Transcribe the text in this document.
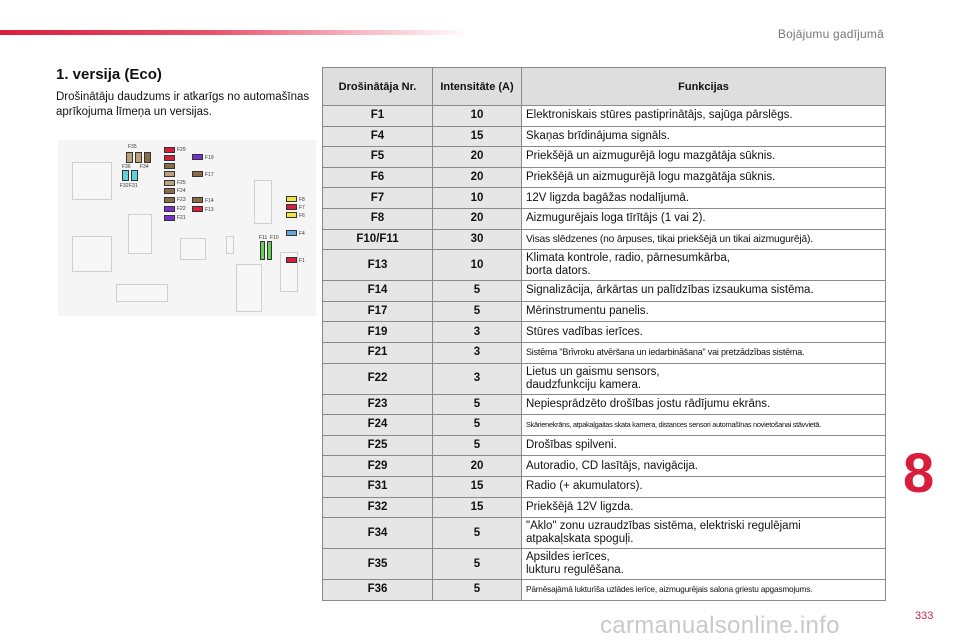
Bojājumu gadījumā
1. versija (Eco)
Drošinātāju daudzums ir atkarīgs no automašīnas aprīkojuma līmeņa un versijas.
F35
F36 F34
F32 F31
F29
F19
F17
F25
F24
F23	F14
F22	F13
F21
F8
F7
F6
F4
F1
F11 F10
Drošinātāja Nr.	Intensitāte (A)	Funkcijas
F1	10	Elektroniskais stūres pastiprinātājs, sajūga pārslēgs.
F4	15	Skaņas brīdinājuma signāls.
F5	20	Priekšējā un aizmugurējā logu mazgātāja sūknis.
F6	20	Priekšējā un aizmugurējā logu mazgātāja sūknis.
F7	10	12V ligzda bagāžas nodalījumā.
F8	20	Aizmugurējais loga tīrītājs (1 vai 2).
F10/F11	30	Visas slēdzenes (no ārpuses, tikai priekšējā un tikai aizmugurējā).
F13	10	Klimata kontrole, radio, pārnesumkārba,
borta dators.
F14	5	Signalizācija, ārkārtas un palīdzības izsaukuma sistēma.
F17	5	Mērinstrumentu panelis.
F19	3	Stūres vadības ierīces.
F21	3	Sistēma "Brīvroku atvēršana un iedarbināšana" vai pretzādzības sistēma.
F22	3	Lietus un gaismu sensors,
daudzfunkciju kamera.
F23	5	Nepiesprādzēto drošības jostu rādījumu ekrāns.
F24	5	Skārienekrāns, atpakaļgaitas skata kamera, distances sensori automašīnas novietošanai stāvvietā.
F25	5	Drošības spilveni.
F29	20	Autoradio, CD lasītājs, navigācija.
F31	15	Radio (+ akumulators).
F32	15	Priekšējā 12V ligzda.
F34	5	"Aklo" zonu uzraudzības sistēma, elektriski regulējami
atpakaļskata spoguļi.
F35	5	Apsildes ierīces,
lukturu regulēšana.
F36	5	Pārnēsajāmā lukturīša uzlādes ierīce, aizmugurējais salona griestu apgasmojums.
8
carmanualsonline.info	333
